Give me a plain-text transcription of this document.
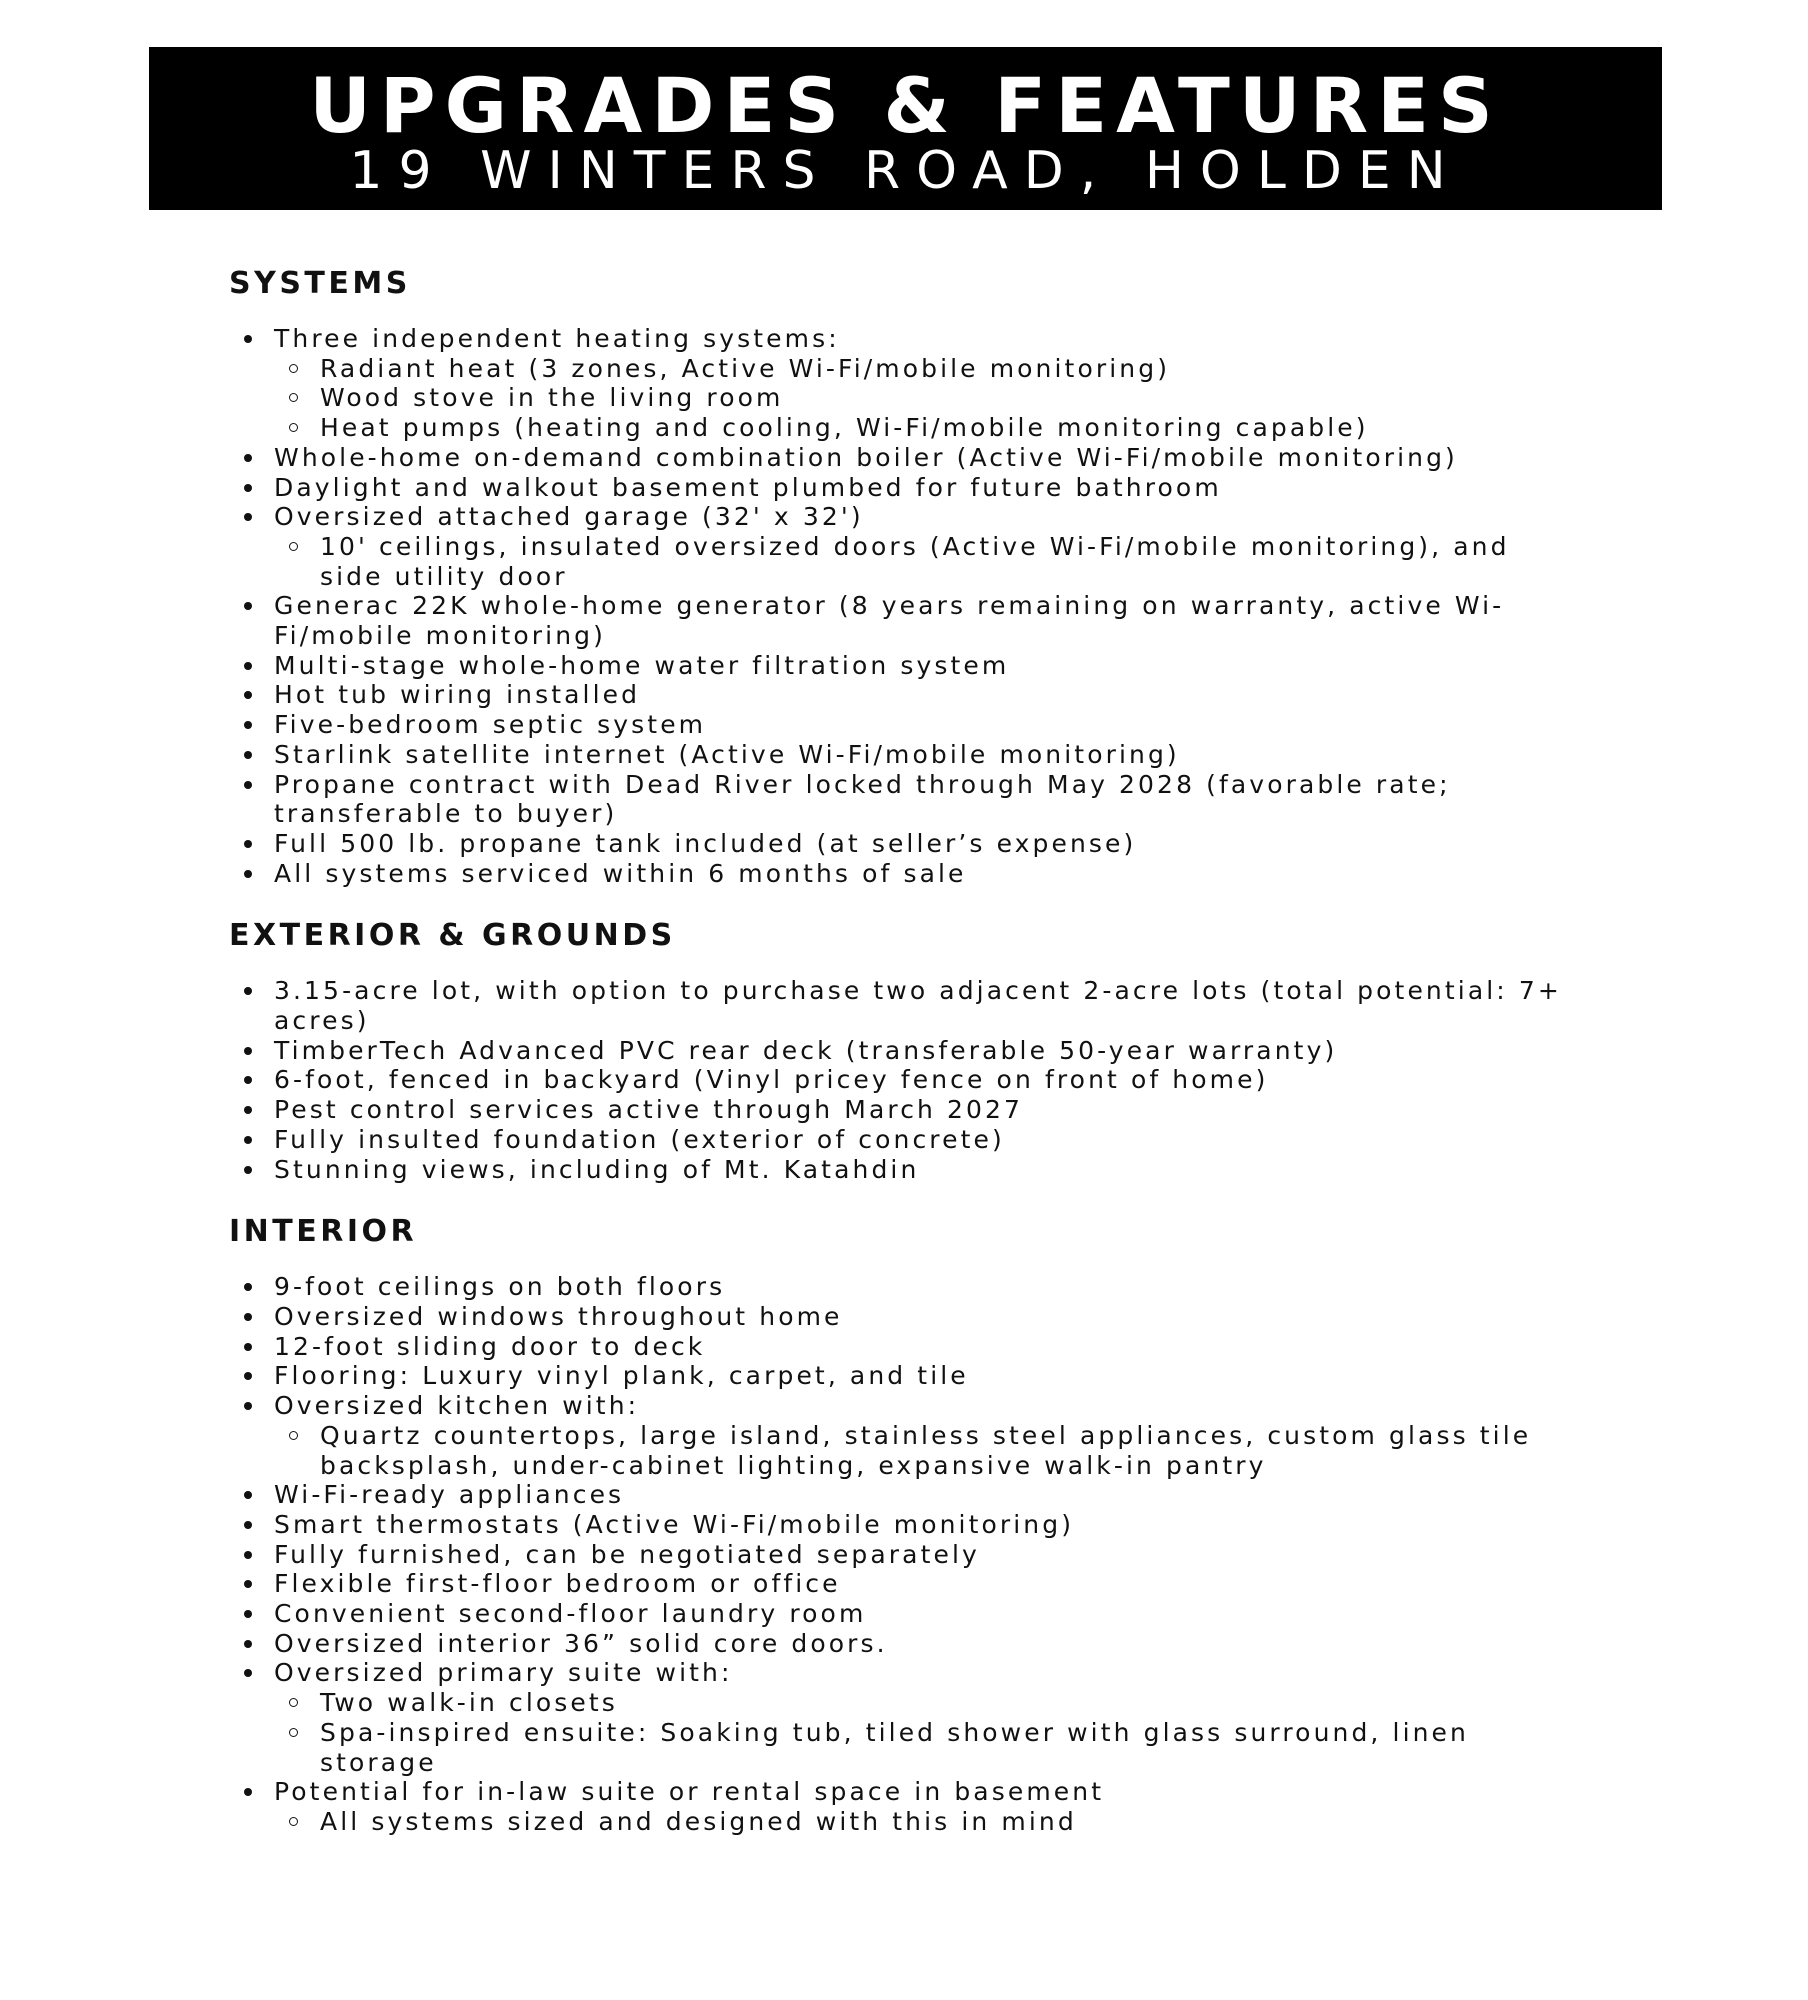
UPGRADES & FEATURES
19 WINTERS ROAD, HOLDEN
SYSTEMS
Three independent heating systems:
Radiant heat (3 zones, Active Wi-Fi/mobile monitoring)
Wood stove in the living room
Heat pumps (heating and cooling, Wi-Fi/mobile monitoring capable)
Whole-home on-demand combination boiler (Active Wi-Fi/mobile monitoring)
Daylight and walkout basement plumbed for future bathroom
Oversized attached garage (32' x 32')
10' ceilings, insulated oversized doors (Active Wi-Fi/mobile monitoring), and side utility door
Generac 22K whole-home generator (8 years remaining on warranty, active Wi-Fi/mobile monitoring)
Multi-stage whole-home water filtration system
Hot tub wiring installed
Five-bedroom septic system
Starlink satellite internet (Active Wi-Fi/mobile monitoring)
Propane contract with Dead River locked through May 2028 (favorable rate; transferable to buyer)
Full 500 lb. propane tank included (at seller’s expense)
All systems serviced within 6 months of sale
EXTERIOR & GROUNDS
3.15-acre lot, with option to purchase two adjacent 2-acre lots (total potential: 7+ acres)
TimberTech Advanced PVC rear deck (transferable 50-year warranty)
6-foot, fenced in backyard (Vinyl pricey fence on front of home)
Pest control services active through March 2027
Fully insulted foundation (exterior of concrete)
Stunning views, including of Mt. Katahdin
INTERIOR
9-foot ceilings on both floors
Oversized windows throughout home
12-foot sliding door to deck
Flooring: Luxury vinyl plank, carpet, and tile
Oversized kitchen with:
Quartz countertops, large island, stainless steel appliances, custom glass tile backsplash, under-cabinet lighting, expansive walk-in pantry
Wi-Fi-ready appliances
Smart thermostats (Active Wi-Fi/mobile monitoring)
Fully furnished, can be negotiated separately
Flexible first-floor bedroom or office
Convenient second-floor laundry room
Oversized interior 36” solid core doors.
Oversized primary suite with:
Two walk-in closets
Spa-inspired ensuite: Soaking tub, tiled shower with glass surround, linen storage
Potential for in-law suite or rental space in basement
All systems sized and designed with this in mind
